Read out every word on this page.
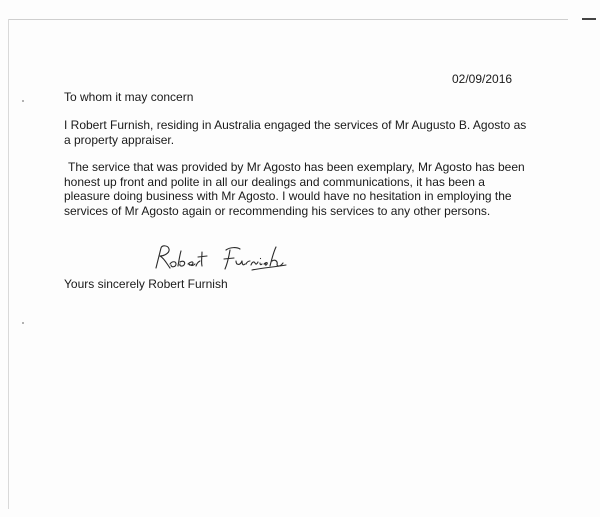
02/09/2016
To whom it may concern

I Robert Furnish, residing in Australia engaged the services of Mr Augusto B. Agosto as a property appraiser.

The service that was provided by Mr Agosto has been exemplary, Mr Agosto has been honest up front and polite in all our dealings and communications, it has been a pleasure doing business with Mr Agosto. I would have no hesitation in employing the services of Mr Agosto again or recommending his services to any other persons.

Yours sincerely Robert Furnish
